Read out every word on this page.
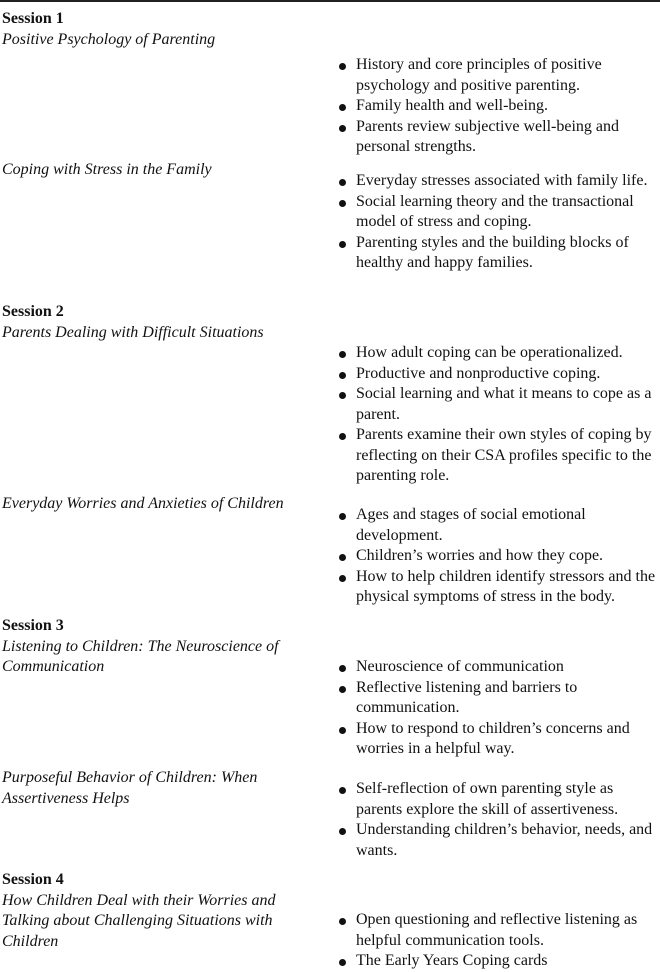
Session 1
Positive Psychology of Parenting
History and core principles of positive psychology and positive parenting.
Family health and well-being.
Parents review subjective well-being and personal strengths.
Coping with Stress in the Family
Everyday stresses associated with family life.
Social learning theory and the transactional model of stress and coping.
Parenting styles and the building blocks of healthy and happy families.
Session 2
Parents Dealing with Difficult Situations
How adult coping can be operationalized.
Productive and nonproductive coping.
Social learning and what it means to cope as a parent.
Parents examine their own styles of coping by reflecting on their CSA profiles specific to the parenting role.
Everyday Worries and Anxieties of Children
Ages and stages of social emotional development.
Children’s worries and how they cope.
How to help children identify stressors and the physical symptoms of stress in the body.
Session 3
Listening to Children: The Neuroscience of Communication	Neuroscience of communication
Reflective listening and barriers to communication.
How to respond to children’s concerns and worries in a helpful way.
Purposeful Behavior of Children: When Assertiveness Helps
Self-reflection of own parenting style as parents explore the skill of assertiveness.
Understanding children’s behavior, needs, and wants.
Session 4
How Children Deal with their Worries and Talking about Challenging Situations with Children
Open questioning and reflective listening as helpful communication tools.
The Early Years Coping cards
